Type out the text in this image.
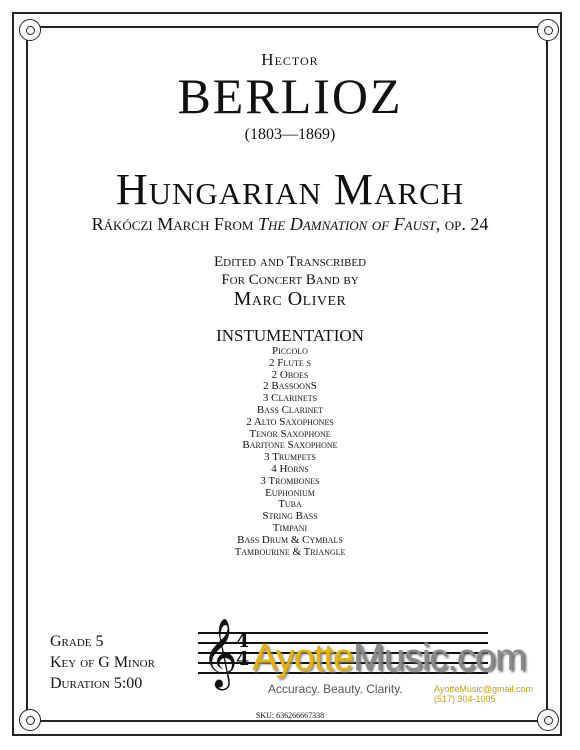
Hector
BERLIOZ
(1803—1869)
Hungarian March
Rákóczi March From The Damnation of Faust, op. 24
Edited and Transcribed
For Concert Band by
Marc Oliver
INSTUMENTATION
Piccolo
2 Flute s
2 Oboes
2 BassoonS
3 Clarinets
Bass Clarinet
2 Alto Saxophones
Tenor Saxophone
Baritone Saxophone
3 Trumpets
4 Horns
3 Trombones
Euphonium
Tuba
String Bass
Timpani
Bass Drum & Cymbals
Tambourine & Triangle
Grade 5
Key of G Minor
Duration 5:00 𝄞
4
4 AyotteMusic.com
Accuracy. Beauty. Clarity.	AyotteMusic@gmail.com
(517) 304-1005
SKU: 636266667338
